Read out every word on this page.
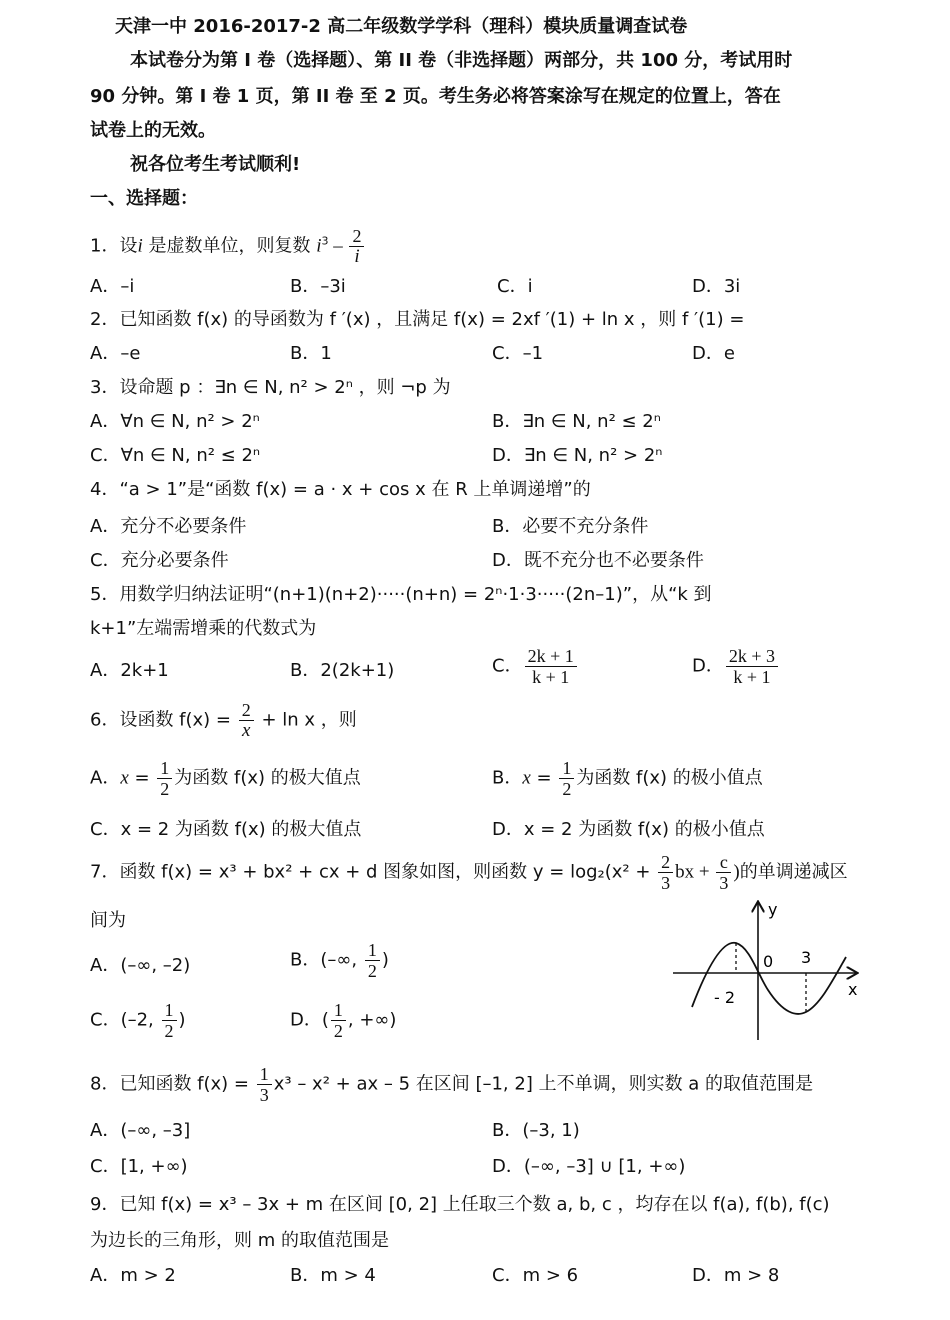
天津一中 2016-2017-2 高二年级数学学科（理科）模块质量调查试卷
本试卷分为第 I 卷（选择题）、第 II 卷（非选择题）两部分，共 100 分，考试用时
90 分钟。第 I 卷 1 页，第 II 卷 至 2 页。考生务必将答案涂写在规定的位置上，答在
试卷上的无效。
祝各位考生考试顺利!
一、选择题：
1．设i 是虚数单位，则复数 $i^3 - \frac{2}{i}$
A．–i	B．–3i	C．i	D．3i
2．已知函数 f(x) 的导函数为 f ′(x) ，且满足 f(x) = 2xf ′(1) + ln x ，则 f ′(1) =
A．–e	B．1	C．–1	D．e
3．设命题 p ：∃n ∈ N, n² > 2ⁿ ，则 ¬p 为
A．∀n ∈ N, n² > 2ⁿ	B．∃n ∈ N, n² ≤ 2ⁿ
C．∀n ∈ N, n² ≤ 2ⁿ	D．∃n ∈ N, n² > 2ⁿ
4．“a > 1”是“函数 f(x) = a · x + cos x 在 R 上单调递增”的
A．充分不必要条件	B．必要不充分条件
C．充分必要条件	D．既不充分也不必要条件
5．用数学归纳法证明“(n+1)(n+2)·····(n+n) = 2ⁿ·1·3·····(2n–1)”，从“k 到
k+1”左端需增乘的代数式为
A．2k+1	B．2(2k+1)	C． $\frac{2k + 1}{k + 1}$	D． $\frac{2k + 3}{k + 1}$
6．设函数 $f(x) = \frac{2}{x} + \ln x$ ，则
A．$x = \frac{1}{2}$ 为函数 f(x) 的极大值点	B．$x = \frac{1}{2}$ 为函数 f(x) 的极小值点
C．x = 2 为函数 f(x) 的极大值点	D．x = 2 为函数 f(x) 的极小值点
7．函数 f(x) = x³ + bx² + cx + d 图象如图，则函数 $y = \log_2(x^2 + \frac{2}{3}$ bx + $\frac{c}{3}$ )的单调递减区
间为
A．(–∞, –2)	B．(–∞, $\frac{1}{2}$ )
C．(–2, $\frac{1}{2}$ )	D．( $\frac{1}{2}$ , +∞)
y
x
0
- 2
3
8．已知函数 $f(x) = \frac{1}{3} x^3 - x^2$ + ax – 5 在区间 [–1, 2] 上不单调，则实数 a 的取值范围是
A．(–∞, –3]	B．(–3, 1)
C．[1, +∞)	D．(–∞, –3] ∪ [1, +∞)
9．已知 f(x) = x³ – 3x + m 在区间 [0, 2] 上任取三个数 a, b, c ，均存在以 f(a), f(b), f(c)
为边长的三角形，则 m 的取值范围是
A．m > 2	B．m > 4	C．m > 6	D．m > 8
